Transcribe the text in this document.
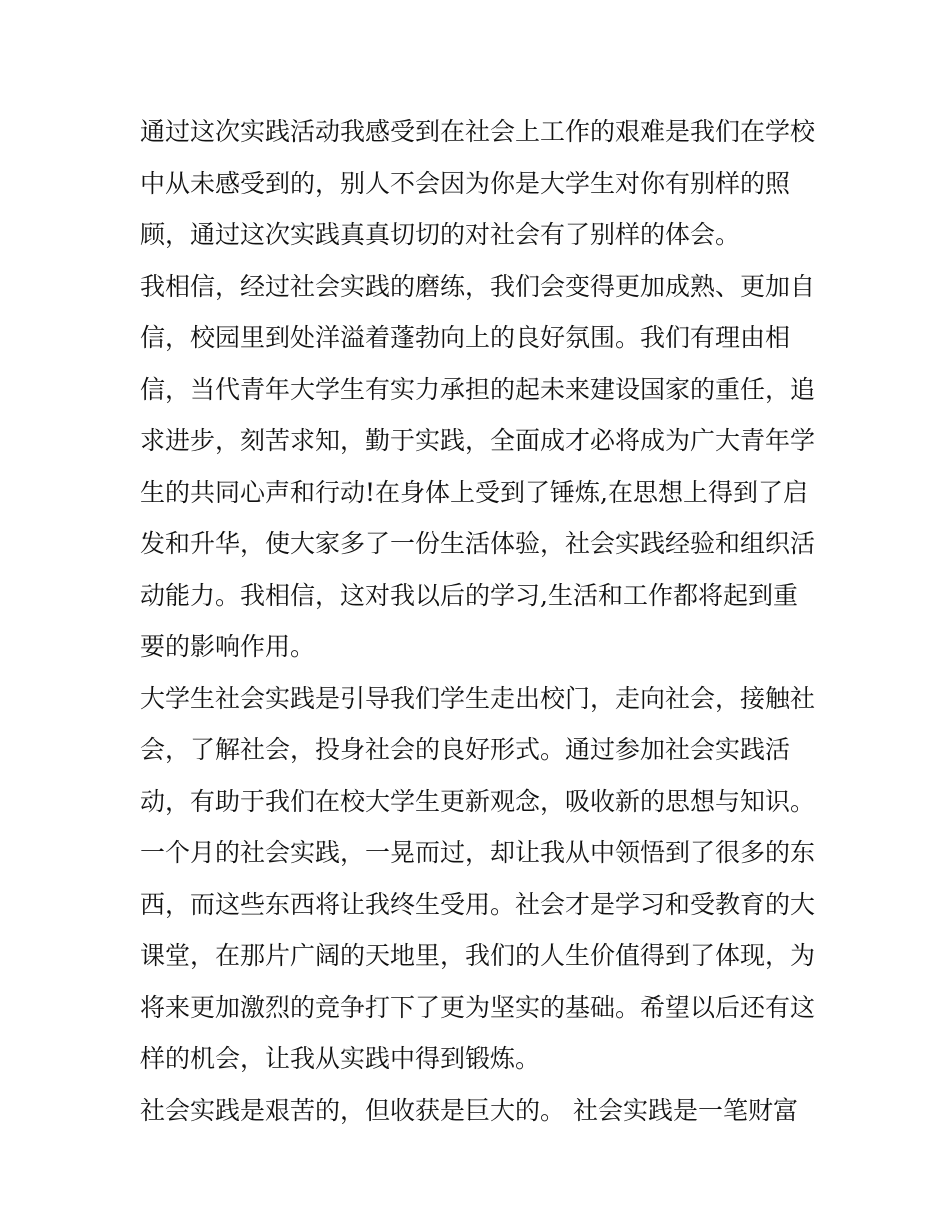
通过这次实践活动我感受到在社会上工作的艰难是我们在学校
中从未感受到的，别人不会因为你是大学生对你有别样的照
顾，通过这次实践真真切切的对社会有了别样的体会。
我相信，经过社会实践的磨练，我们会变得更加成熟、更加自
信，校园里到处洋溢着蓬勃向上的良好氛围。我们有理由相
信，当代青年大学生有实力承担的起未来建设国家的重任，追
求进步，刻苦求知，勤于实践，全面成才必将成为广大青年学
生的共同心声和行动!在身体上受到了锤炼,在思想上得到了启
发和升华，使大家多了一份生活体验，社会实践经验和组织活
动能力。我相信，这对我以后的学习,生活和工作都将起到重
要的影响作用。
大学生社会实践是引导我们学生走出校门，走向社会，接触社
会，了解社会，投身社会的良好形式。通过参加社会实践活
动，有助于我们在校大学生更新观念，吸收新的思想与知识。
一个月的社会实践，一晃而过，却让我从中领悟到了很多的东
西，而这些东西将让我终生受用。社会才是学习和受教育的大
课堂，在那片广阔的天地里，我们的人生价值得到了体现，为
将来更加激烈的竞争打下了更为坚实的基础。希望以后还有这
样的机会，让我从实践中得到锻炼。
社会实践是艰苦的，但收获是巨大的。 社会实践是一笔财富
